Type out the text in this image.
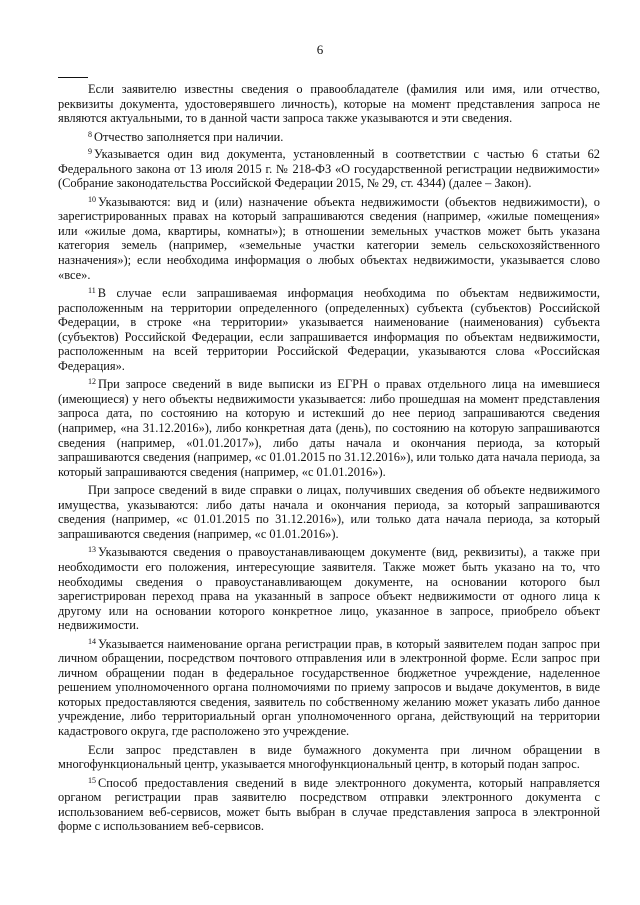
6

Если заявителю известны сведения о правообладателе (фамилия или имя, или отчество, реквизиты документа, удостоверявшего личность), которые на момент представления запроса не являются актуальными, то в данной части запроса также указываются и эти сведения.

$^8$ Отчество заполняется при наличии.

$^9$ Указывается один вид документа, установленный в соответствии с частью 6 статьи 62 Федерального закона от 13 июля 2015 г. № 218-ФЗ «О государственной регистрации недвижимости» (Собрание законодательства Российской Федерации 2015, № 29, ст. 4344) (далее – Закон).

$^{10}$ Указываются: вид и (или) назначение объекта недвижимости (объектов недвижимости), о зарегистрированных правах на который запрашиваются сведения (например, «жилые помещения» или «жилые дома, квартиры, комнаты»); в отношении земельных участков может быть указана категория земель (например, «земельные участки категории земель сельскохозяйственного назначения»); если необходима информация о любых объектах недвижимости, указывается слово «все».

$^{11}$ В случае если запрашиваемая информация необходима по объектам недвижимости, расположенным на территории определенного (определенных) субъекта (субъектов) Российской Федерации, в строке «на территории» указывается наименование (наименования) субъекта (субъектов) Российской Федерации, если запрашивается информация по объектам недвижимости, расположенным на всей территории Российской Федерации, указываются слова «Российская Федерация».

$^{12}$ При запросе сведений в виде выписки из ЕГРН о правах отдельного лица на имевшиеся (имеющиеся) у него объекты недвижимости указывается: либо прошедшая на момент представления запроса дата, по состоянию на которую и истекший до нее период запрашиваются сведения (например, «на 31.12.2016»), либо конкретная дата (день), по состоянию на которую запрашиваются сведения (например, «01.01.2017»), либо даты начала и окончания периода, за который запрашиваются сведения (например, «с 01.01.2015 по 31.12.2016»), или только дата начала периода, за который запрашиваются сведения (например, «с 01.01.2016»).

При запросе сведений в виде справки о лицах, получивших сведения об объекте недвижимого имущества, указываются: либо даты начала и окончания периода, за который запрашиваются сведения (например, «с 01.01.2015 по 31.12.2016»), или только дата начала периода, за который запрашиваются сведения (например, «с 01.01.2016»).

$^{13}$ Указываются сведения о правоустанавливающем документе (вид, реквизиты), а также при необходимости его положения, интересующие заявителя. Также может быть указано на то, что необходимы сведения о правоустанавливающем документе, на основании которого был зарегистрирован переход права на указанный в запросе объект недвижимости от одного лица к другому или на основании которого конкретное лицо, указанное в запросе, приобрело объект недвижимости.

$^{14}$ Указывается наименование органа регистрации прав, в который заявителем подан запрос при личном обращении, посредством почтового отправления или в электронной форме. Если запрос при личном обращении подан в федеральное государственное бюджетное учреждение, наделенное решением уполномоченного органа полномочиями по приему запросов и выдаче документов, в виде которых предоставляются сведения, заявитель по собственному желанию может указать либо данное учреждение, либо территориальный орган уполномоченного органа, действующий на территории кадастрового округа, где расположено это учреждение.

Если запрос представлен в виде бумажного документа при личном обращении в многофункциональный центр, указывается многофункциональный центр, в который подан запрос.

$^{15}$ Способ предоставления сведений в виде электронного документа, который направляется органом регистрации прав заявителю посредством отправки электронного документа с использованием веб-сервисов, может быть выбран в случае представления запроса в электронной форме с использованием веб-сервисов.
